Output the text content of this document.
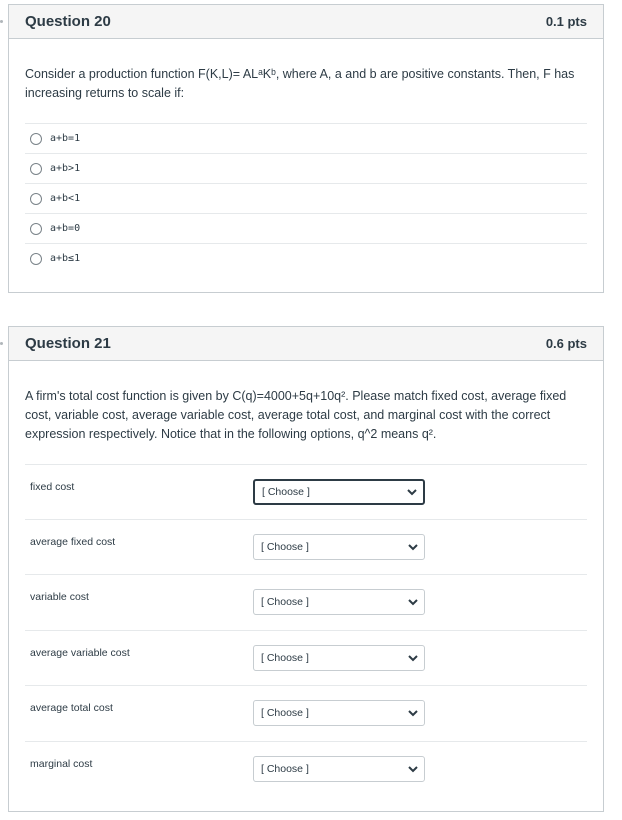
Question 20	0.1 pts
Consider a production function F(K,L)= ALᵃKᵇ, where A, a and b are positive constants. Then, F has
increasing returns to scale if:
a+b=1
a+b>1
a+b<1
a+b=0
a+b≤1
Question 21	0.6 pts
A firm's total cost function is given by C(q)=4000+5q+10q². Please match fixed cost, average fixed
cost, variable cost, average variable cost, average total cost, and marginal cost with the correct
expression respectively. Notice that in the following options, q^2 means q².
fixed cost	[ Choose ]
average fixed cost	[ Choose ]
variable cost	[ Choose ]
average variable cost	[ Choose ]
average total cost	[ Choose ]
marginal cost	[ Choose ]
